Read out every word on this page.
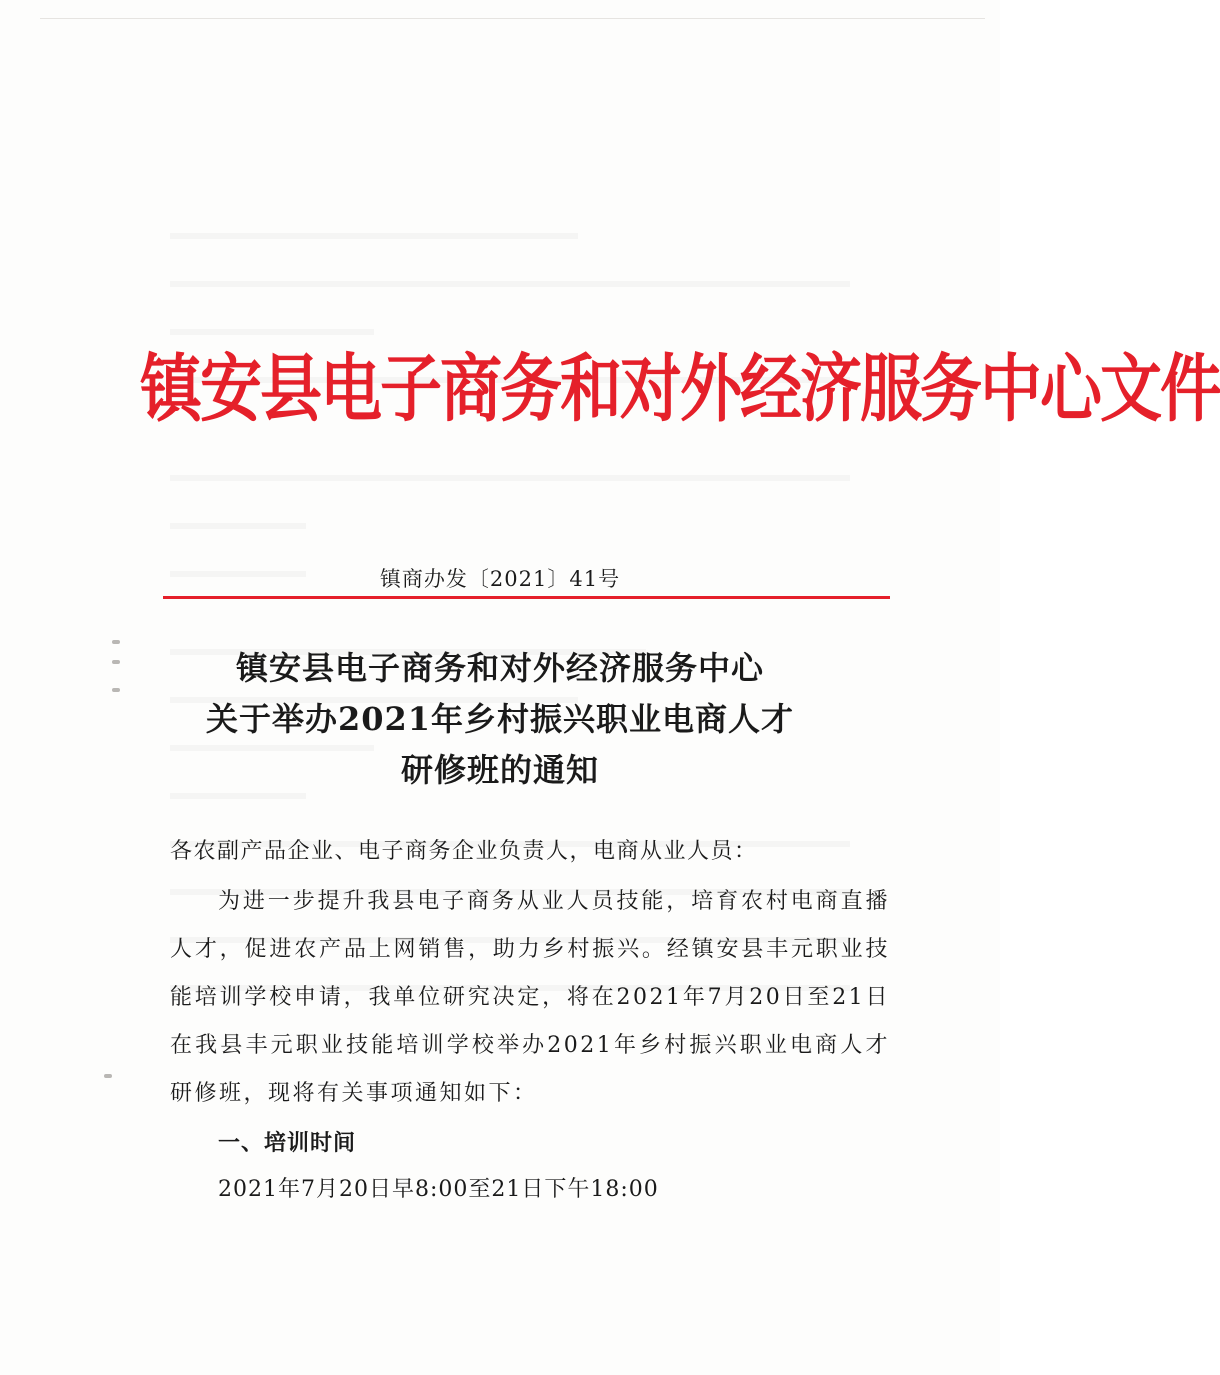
镇安县电子商务和对外经济服务中心文件
镇商办发〔2021〕41号
镇安县电子商务和对外经济服务中心
关于举办2021年乡村振兴职业电商人才
研修班的通知
各农副产品企业、电子商务企业负责人，电商从业人员：
为进一步提升我县电子商务从业人员技能，培育农村电商直播人才，促进农产品上网销售，助力乡村振兴。经镇安县丰元职业技能培训学校申请，我单位研究决定，将在2021年7月20日至21日在我县丰元职业技能培训学校举办2021年乡村振兴职业电商人才研修班，现将有关事项通知如下：
一、培训时间
2021年7月20日早8:00至21日下午18:00
